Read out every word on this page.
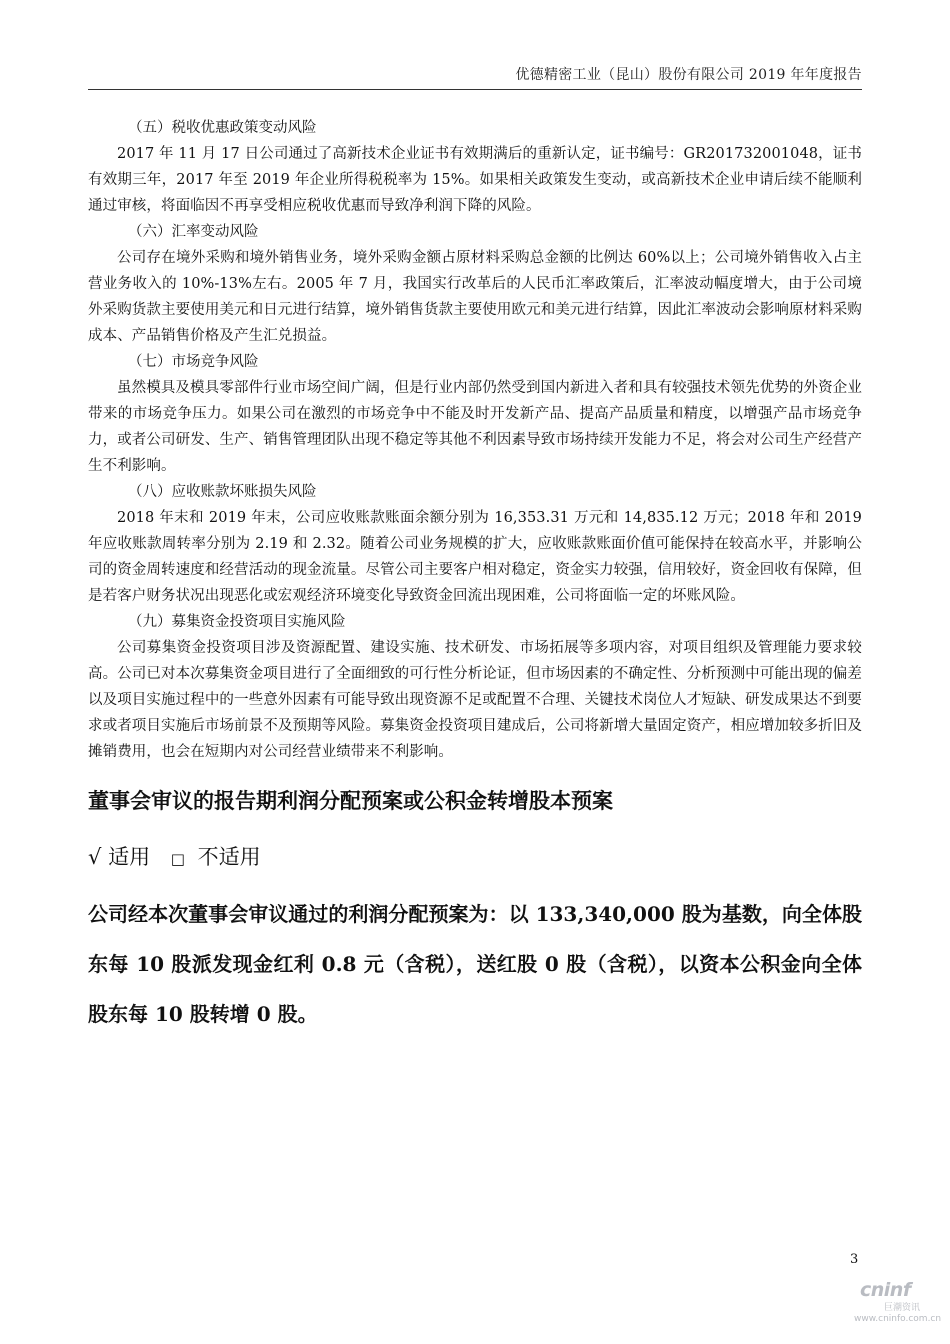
优德精密工业（昆山）股份有限公司 2019 年年度报告

（五）税收优惠政策变动风险

2017 年 11 月 17 日公司通过了高新技术企业证书有效期满后的重新认定，证书编号：GR201732001048，证书有效期三年，2017 年至 2019 年企业所得税税率为 15%。如果相关政策发生变动，或高新技术企业申请后续不能顺利通过审核，将面临因不再享受相应税收优惠而导致净利润下降的风险。

（六）汇率变动风险

公司存在境外采购和境外销售业务，境外采购金额占原材料采购总金额的比例达 60%以上；公司境外销售收入占主营业务收入的 10%-13%左右。2005 年 7 月，我国实行改革后的人民币汇率政策后，汇率波动幅度增大，由于公司境外采购货款主要使用美元和日元进行结算，境外销售货款主要使用欧元和美元进行结算，因此汇率波动会影响原材料采购成本、产品销售价格及产生汇兑损益。

（七）市场竞争风险

虽然模具及模具零部件行业市场空间广阔，但是行业内部仍然受到国内新进入者和具有较强技术领先优势的外资企业带来的市场竞争压力。如果公司在激烈的市场竞争中不能及时开发新产品、提高产品质量和精度，以增强产品市场竞争力，或者公司研发、生产、销售管理团队出现不稳定等其他不利因素导致市场持续开发能力不足，将会对公司生产经营产生不利影响。

（八）应收账款坏账损失风险

2018 年末和 2019 年末，公司应收账款账面余额分别为 16,353.31 万元和 14,835.12 万元；2018 年和 2019 年应收账款周转率分别为 2.19 和 2.32。随着公司业务规模的扩大，应收账款账面价值可能保持在较高水平，并影响公司的资金周转速度和经营活动的现金流量。尽管公司主要客户相对稳定，资金实力较强，信用较好，资金回收有保障，但是若客户财务状况出现恶化或宏观经济环境变化导致资金回流出现困难，公司将面临一定的坏账风险。

（九）募集资金投资项目实施风险

公司募集资金投资项目涉及资源配置、建设实施、技术研发、市场拓展等多项内容，对项目组织及管理能力要求较高。公司已对本次募集资金项目进行了全面细致的可行性分析论证，但市场因素的不确定性、分析预测中可能出现的偏差以及项目实施过程中的一些意外因素有可能导致出现资源不足或配置不合理、关键技术岗位人才短缺、研发成果达不到要求或者项目实施后市场前景不及预期等风险。募集资金投资项目建成后，公司将新增大量固定资产，相应增加较多折旧及摊销费用，也会在短期内对公司经营业绩带来不利影响。

董事会审议的报告期利润分配预案或公积金转增股本预案

√ 适用 □ 不适用

公司经本次董事会审议通过的利润分配预案为：以 133,340,000 股为基数，向全体股东每 10 股派发现金红利 0.8 元（含税），送红股 0 股（含税），以资本公积金向全体股东每 10 股转增 0 股。

3
cninf
巨潮资讯
www.cninfo.com.cn
